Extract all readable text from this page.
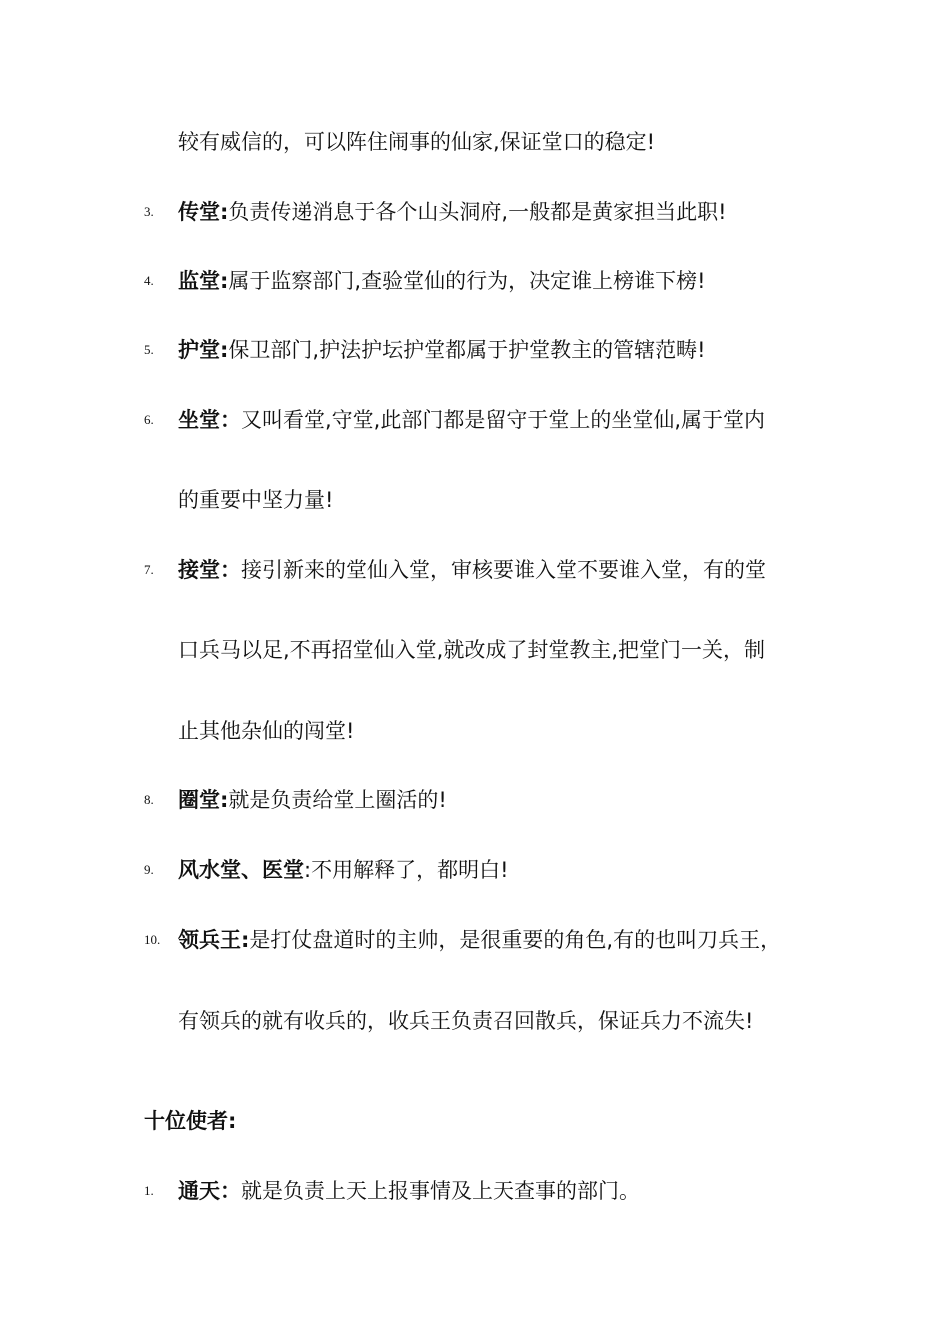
较有威信的，可以阵住闹事的仙家,保证堂口的稳定!
3. 传堂:负责传递消息于各个山头洞府,一般都是黄家担当此职!
4. 监堂:属于监察部门,查验堂仙的行为，决定谁上榜谁下榜!
5. 护堂:保卫部门,护法护坛护堂都属于护堂教主的管辖范畴!
6. 坐堂：又叫看堂,守堂,此部门都是留守于堂上的坐堂仙,属于堂内
的重要中坚力量!
7. 接堂：接引新来的堂仙入堂，审核要谁入堂不要谁入堂，有的堂
口兵马以足,不再招堂仙入堂,就改成了封堂教主,把堂门一关，制
止其他杂仙的闯堂!
8. 圈堂:就是负责给堂上圈活的!
9. 风水堂、医堂:不用解释了，都明白!
10. 领兵王:是打仗盘道时的主帅，是很重要的角色,有的也叫刀兵王，
有领兵的就有收兵的，收兵王负责召回散兵，保证兵力不流失!
十位使者:
1. 通天：就是负责上天上报事情及上天查事的部门。
